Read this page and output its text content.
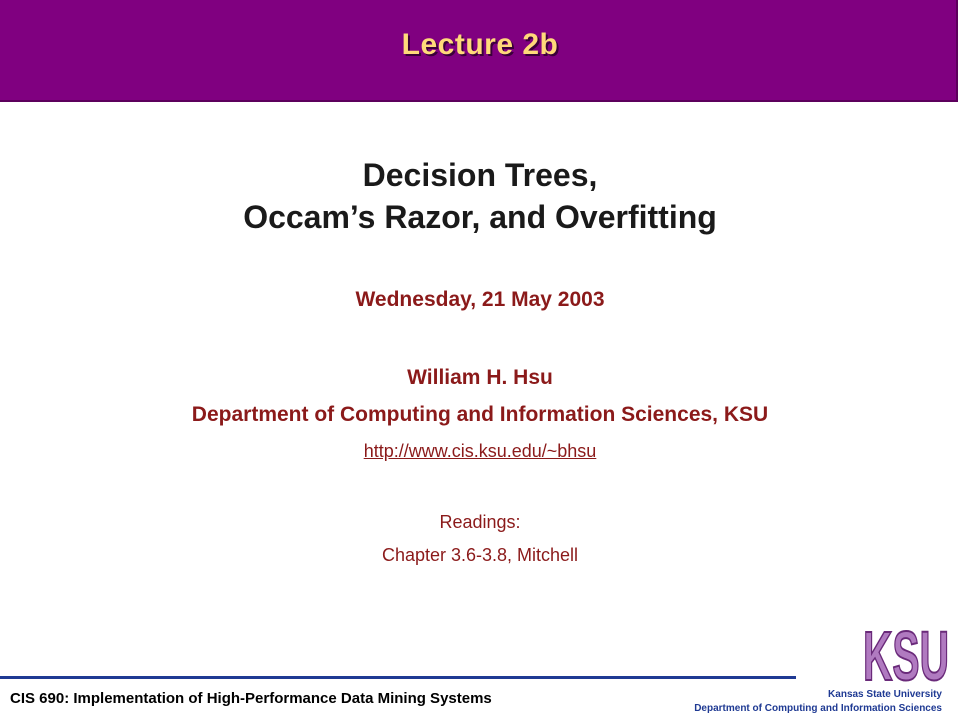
Lecture 2b
Decision Trees,
Occam’s Razor, and Overfitting
Wednesday, 21 May 2003
William H. Hsu
Department of Computing and Information Sciences, KSU
http://www.cis.ksu.edu/~bhsu
Readings:
Chapter 3.6-3.8, Mitchell
KSU
CIS 690: Implementation of High-Performance Data Mining Systems	Kansas State University
Department of Computing and Information Sciences
